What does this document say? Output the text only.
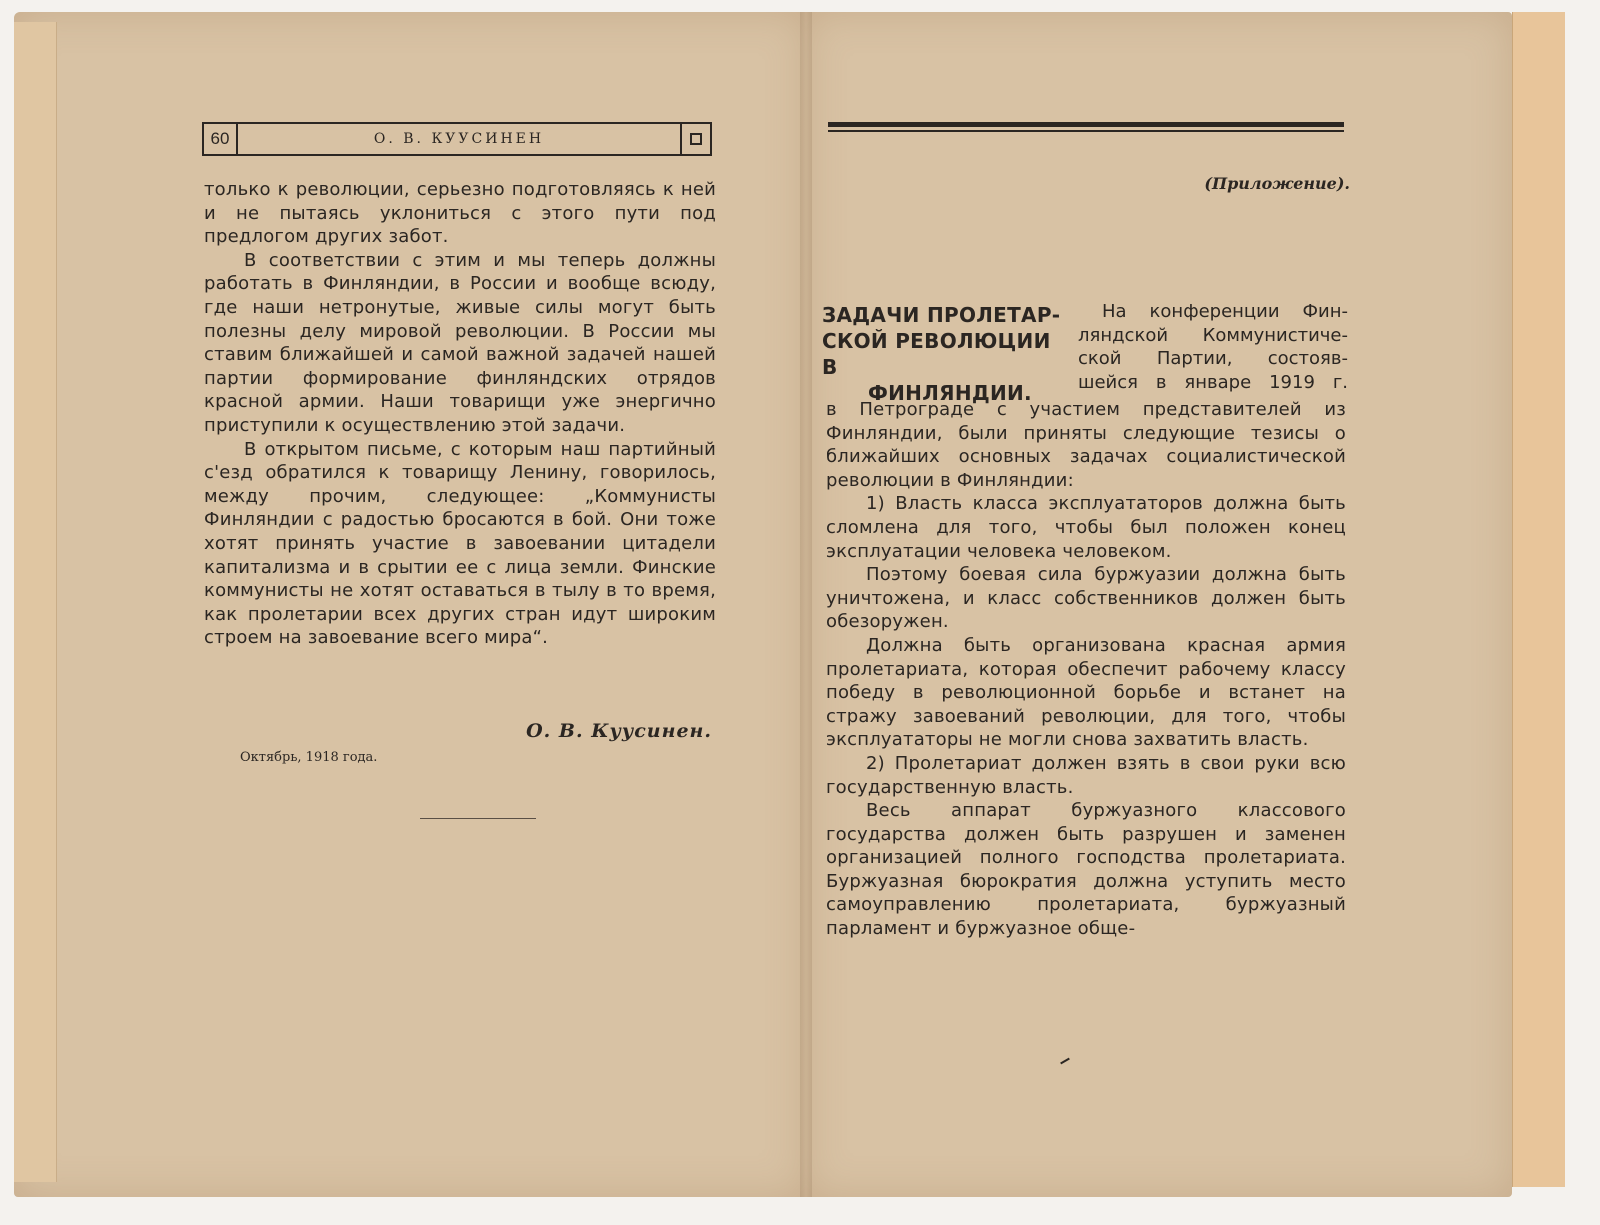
60	О. В. КУУСИНЕН

только к революции, серьезно подготовляясь к ней и не пытаясь уклониться с этого пути под предлогом других забот.

В соответствии с этим и мы теперь должны работать в Финляндии, в России и вообще всюду, где наши нетронутые, живые силы могут быть полезны делу мировой революции. В России мы ставим ближайшей и самой важной задачей нашей партии формирование финляндских отрядов красной армии. Наши товарищи уже энергично приступили к осуществлению этой задачи.

В открытом письме, с которым наш партийный с'езд обратился к товарищу Ленину, говорилось, между прочим, следующее: „Коммунисты Финляндии с радостью бросаются в бой. Они тоже хотят принять участие в завоевании цитадели капитализма и в срытии ее с лица земли. Финские коммунисты не хотят оставаться в тылу в то время, как пролетарии всех других стран идут широким строем на завоевание всего мира“.

О. В. Куусинен.
Октябрь, 1918 года.
(Приложение).
ЗАДАЧИ ПРОЛЕТАР-
СКОЙ РЕВОЛЮЦИИ В
ФИНЛЯНДИИ.
На конференции Фин-
ляндской Коммунистиче-
ской Партии, состояв-
шейся в январе 1919 г.

в Петрограде с участием представителей из Финляндии, были приняты следующие тезисы о ближайших основных задачах социалистической революции в Финляндии:

1) Власть класса эксплуататоров должна быть сломлена для того, чтобы был положен конец эксплуатации человека человеком.

Поэтому боевая сила буржуазии должна быть уничтожена, и класс собственников должен быть обезоружен.

Должна быть организована красная армия пролетариата, которая обеспечит рабочему классу победу в революционной борьбе и встанет на стражу завоеваний революции, для того, чтобы эксплуататоры не могли снова захватить власть.

2) Пролетариат должен взять в свои руки всю государственную власть.

Весь аппарат буржуазного классового государства должен быть разрушен и заменен организацией полного господства пролетариата. Буржуазная бюрократия должна уступить место самоуправлению пролетариата, буржуазный парламент и буржуазное обще-
